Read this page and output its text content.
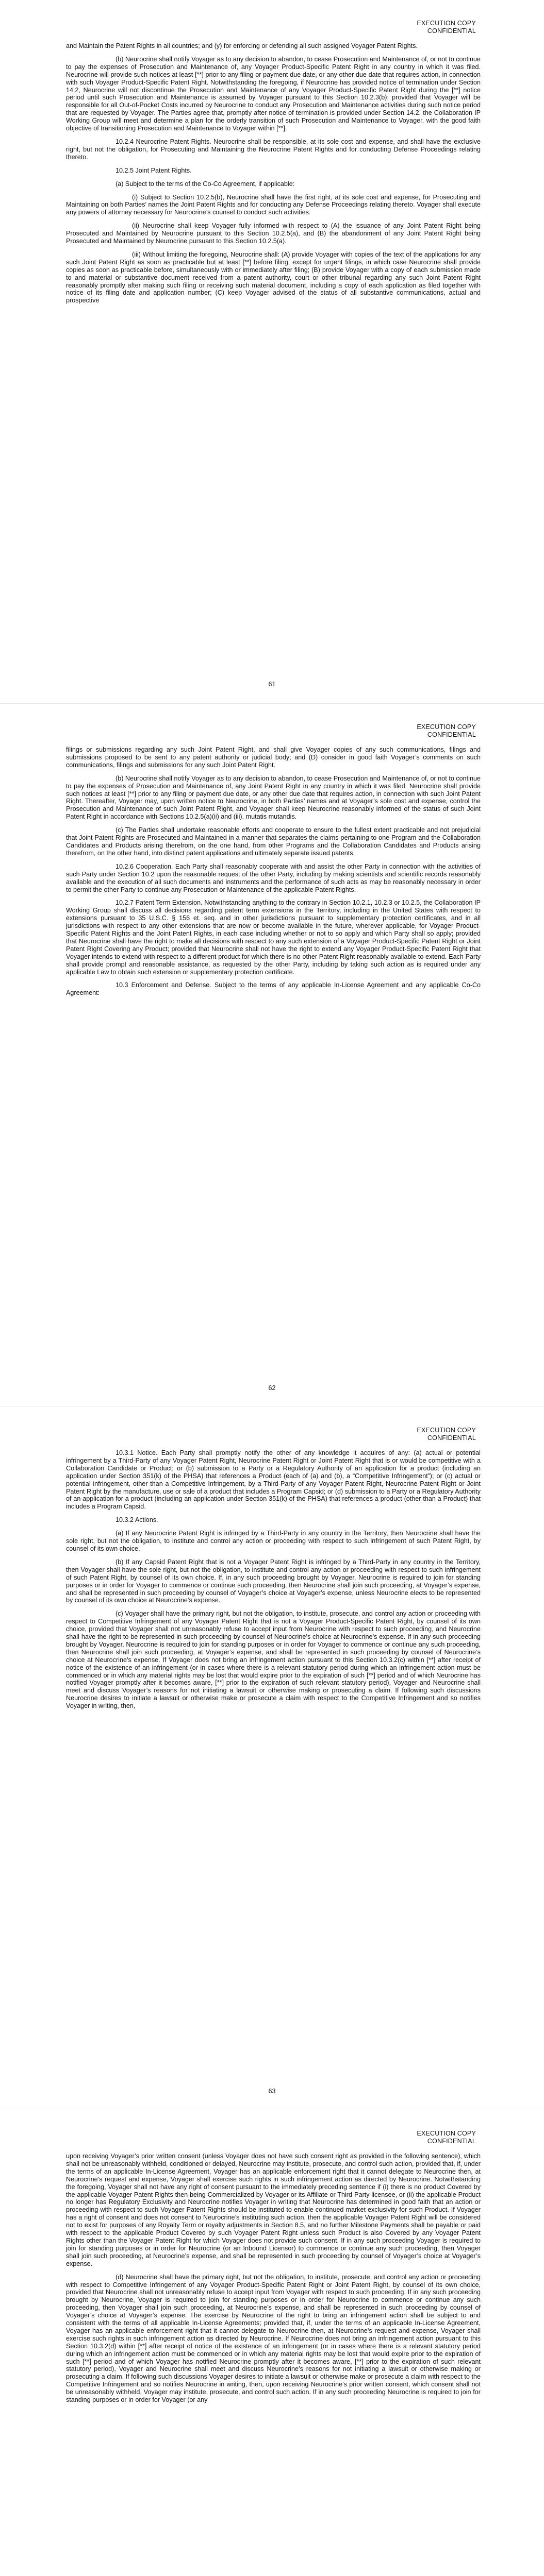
EXECUTION COPY
CONFIDENTIAL

and Maintain the Patent Rights in all countries; and (y) for enforcing or defending all such assigned Voyager Patent Rights.

(b) Neurocrine shall notify Voyager as to any decision to abandon, to cease Prosecution and Maintenance of, or not to continue to pay the expenses of Prosecution and Maintenance of, any Voyager Product-Specific Patent Right in any country in which it was filed. Neurocrine will provide such notices at least [**] prior to any filing or payment due date, or any other due date that requires action, in connection with such Voyager Product-Specific Patent Right. Notwithstanding the foregoing, if Neurocrine has provided notice of termination under Section 14.2, Neurocrine will not discontinue the Prosecution and Maintenance of any Voyager Product-Specific Patent Right during the [**] notice period until such Prosecution and Maintenance is assumed by Voyager pursuant to this Section 10.2.3(b); provided that Voyager will be responsible for all Out-of-Pocket Costs incurred by Neurocrine to conduct any Prosecution and Maintenance activities during such notice period that are requested by Voyager. The Parties agree that, promptly after notice of termination is provided under Section 14.2, the Collaboration IP Working Group will meet and determine a plan for the orderly transition of such Prosecution and Maintenance to Voyager, with the good faith objective of transitioning Prosecution and Maintenance to Voyager within [**].

10.2.4 Neurocrine Patent Rights. Neurocrine shall be responsible, at its sole cost and expense, and shall have the exclusive right, but not the obligation, for Prosecuting and Maintaining the Neurocrine Patent Rights and for conducting Defense Proceedings relating thereto.

10.2.5 Joint Patent Rights.

(a) Subject to the terms of the Co-Co Agreement, if applicable:

(i) Subject to Section 10.2.5(b), Neurocrine shall have the first right, at its sole cost and expense, for Prosecuting and Maintaining on both Parties’ names the Joint Patent Rights and for conducting any Defense Proceedings relating thereto. Voyager shall execute any powers of attorney necessary for Neurocrine’s counsel to conduct such activities.

(ii) Neurocrine shall keep Voyager fully informed with respect to (A) the issuance of any Joint Patent Right being Prosecuted and Maintained by Neurocrine pursuant to this Section 10.2.5(a), and (B) the abandonment of any Joint Patent Right being Prosecuted and Maintained by Neurocrine pursuant to this Section 10.2.5(a).

(iii) Without limiting the foregoing, Neurocrine shall: (A) provide Voyager with copies of the text of the applications for any such Joint Patent Right as soon as practicable but at least [**] before filing, except for urgent filings, in which case Neurocrine shall provide copies as soon as practicable before, simultaneously with or immediately after filing; (B) provide Voyager with a copy of each submission made to and material or substantive document received from a patent authority, court or other tribunal regarding any such Joint Patent Right reasonably promptly after making such filing or receiving such material document, including a copy of each application as filed together with notice of its filing date and application number; (C) keep Voyager advised of the status of all substantive communications, actual and prospective

61
EXECUTION COPY
CONFIDENTIAL

filings or submissions regarding any such Joint Patent Right, and shall give Voyager copies of any such communications, filings and submissions proposed to be sent to any patent authority or judicial body; and (D) consider in good faith Voyager’s comments on such communications, filings and submissions for any such Joint Patent Right.

(b) Neurocrine shall notify Voyager as to any decision to abandon, to cease Prosecution and Maintenance of, or not to continue to pay the expenses of Prosecution and Maintenance of, any Joint Patent Right in any country in which it was filed. Neurocrine shall provide such notices at least [**] prior to any filing or payment due date, or any other due date that requires action, in connection with such Joint Patent Right. Thereafter, Voyager may, upon written notice to Neurocrine, in both Parties’ names and at Voyager’s sole cost and expense, control the Prosecution and Maintenance of such Joint Patent Right, and Voyager shall keep Neurocrine reasonably informed of the status of such Joint Patent Right in accordance with Sections 10.2.5(a)(ii) and (iii), mutatis mutandis.

(c) The Parties shall undertake reasonable efforts and cooperate to ensure to the fullest extent practicable and not prejudicial that Joint Patent Rights are Prosecuted and Maintained in a manner that separates the claims pertaining to one Program and the Collaboration Candidates and Products arising therefrom, on the one hand, from other Programs and the Collaboration Candidates and Products arising therefrom, on the other hand, into distinct patent applications and ultimately separate issued patents.

10.2.6 Cooperation. Each Party shall reasonably cooperate with and assist the other Party in connection with the activities of such Party under Section 10.2 upon the reasonable request of the other Party, including by making scientists and scientific records reasonably available and the execution of all such documents and instruments and the performance of such acts as may be reasonably necessary in order to permit the other Party to continue any Prosecution or Maintenance of the applicable Patent Rights.

10.2.7 Patent Term Extension. Notwithstanding anything to the contrary in Section 10.2.1, 10.2.3 or 10.2.5, the Collaboration IP Working Group shall discuss all decisions regarding patent term extensions in the Territory, including in the United States with respect to extensions pursuant to 35 U.S.C. § 156 et. seq. and in other jurisdictions pursuant to supplementary protection certificates, and in all jurisdictions with respect to any other extensions that are now or become available in the future, wherever applicable, for Voyager Product-Specific Patent Rights and the Joint Patent Rights, in each case including whether or not to so apply and which Party shall so apply; provided that Neurocrine shall have the right to make all decisions with respect to any such extension of a Voyager Product-Specific Patent Right or Joint Patent Right Covering any Product; provided that Neurocrine shall not have the right to extend any Voyager Product-Specific Patent Right that Voyager intends to extend with respect to a different product for which there is no other Patent Right reasonably available to extend. Each Party shall provide prompt and reasonable assistance, as requested by the other Party, including by taking such action as is required under any applicable Law to obtain such extension or supplementary protection certificate.

10.3 Enforcement and Defense. Subject to the terms of any applicable In-License Agreement and any applicable Co-Co Agreement:

62
EXECUTION COPY
CONFIDENTIAL

10.3.1 Notice. Each Party shall promptly notify the other of any knowledge it acquires of any: (a) actual or potential infringement by a Third-Party of any Voyager Patent Right, Neurocrine Patent Right or Joint Patent Right that is or would be competitive with a Collaboration Candidate or Product; or (b) submission to a Party or a Regulatory Authority of an application for a product (including an application under Section 351(k) of the PHSA) that references a Product (each of (a) and (b), a “Competitive Infringement”); or (c) actual or potential infringement, other than a Competitive Infringement, by a Third-Party of any Voyager Patent Right, Neurocrine Patent Right or Joint Patent Right by the manufacture, use or sale of a product that includes a Program Capsid; or (d) submission to a Party or a Regulatory Authority of an application for a product (including an application under Section 351(k) of the PHSA) that references a product (other than a Product) that includes a Program Capsid.

10.3.2 Actions.

(a) If any Neurocrine Patent Right is infringed by a Third-Party in any country in the Territory, then Neurocrine shall have the sole right, but not the obligation, to institute and control any action or proceeding with respect to such infringement of such Patent Right, by counsel of its own choice.

(b) If any Capsid Patent Right that is not a Voyager Patent Right is infringed by a Third-Party in any country in the Territory, then Voyager shall have the sole right, but not the obligation, to institute and control any action or proceeding with respect to such infringement of such Patent Right, by counsel of its own choice. If, in any such proceeding brought by Voyager, Neurocrine is required to join for standing purposes or in order for Voyager to commence or continue such proceeding, then Neurocrine shall join such proceeding, at Voyager’s expense, and shall be represented in such proceeding by counsel of Voyager’s choice at Voyager’s expense, unless Neurocrine elects to be represented by counsel of its own choice at Neurocrine’s expense.

(c) Voyager shall have the primary right, but not the obligation, to institute, prosecute, and control any action or proceeding with respect to Competitive Infringement of any Voyager Patent Right that is not a Voyager Product-Specific Patent Right, by counsel of its own choice, provided that Voyager shall not unreasonably refuse to accept input from Neurocrine with respect to such proceeding, and Neurocrine shall have the right to be represented in such proceeding by counsel of Neurocrine’s choice at Neurocrine’s expense. If in any such proceeding brought by Voyager, Neurocrine is required to join for standing purposes or in order for Voyager to commence or continue any such proceeding, then Neurocrine shall join such proceeding, at Voyager’s expense, and shall be represented in such proceeding by counsel of Neurocrine’s choice at Neurocrine’s expense. If Voyager does not bring an infringement action pursuant to this Section 10.3.2(c) within [**] after receipt of notice of the existence of an infringement (or in cases where there is a relevant statutory period during which an infringement action must be commenced or in which any material rights may be lost that would expire prior to the expiration of such [**] period and of which Neurocrine has notified Voyager promptly after it becomes aware, [**] prior to the expiration of such relevant statutory period), Voyager and Neurocrine shall meet and discuss Voyager’s reasons for not initiating a lawsuit or otherwise making or prosecuting a claim. If following such discussions Neurocrine desires to initiate a lawsuit or otherwise make or prosecute a claim with respect to the Competitive Infringement and so notifies Voyager in writing, then,

63
EXECUTION COPY
CONFIDENTIAL

upon receiving Voyager’s prior written consent (unless Voyager does not have such consent right as provided in the following sentence), which shall not be unreasonably withheld, conditioned or delayed, Neurocrine may institute, prosecute, and control such action, provided that, if, under the terms of an applicable In-License Agreement, Voyager has an applicable enforcement right that it cannot delegate to Neurocrine then, at Neurocrine’s request and expense, Voyager shall exercise such rights in such infringement action as directed by Neurocrine. Notwithstanding the foregoing, Voyager shall not have any right of consent pursuant to the immediately preceding sentence if (i) there is no product Covered by the applicable Voyager Patent Rights then being Commercialized by Voyager or its Affiliate or Third-Party licensee, or (ii) the applicable Product no longer has Regulatory Exclusivity and Neurocrine notifies Voyager in writing that Neurocrine has determined in good faith that an action or proceeding with respect to such Voyager Patent Rights should be instituted to enable continued market exclusivity for such Product. If Voyager has a right of consent and does not consent to Neurocrine’s instituting such action, then the applicable Voyager Patent Right will be considered not to exist for purposes of any Royalty Term or royalty adjustments in Section 8.5, and no further Milestone Payments shall be payable or paid with respect to the applicable Product Covered by such Voyager Patent Right unless such Product is also Covered by any Voyager Patent Rights other than the Voyager Patent Right for which Voyager does not provide such consent. If in any such proceeding Voyager is required to join for standing purposes or in order for Neurocrine (or an Inbound Licensor) to commence or continue any such proceeding, then Voyager shall join such proceeding, at Neurocrine’s expense, and shall be represented in such proceeding by counsel of Voyager’s choice at Voyager’s expense.

(d) Neurocrine shall have the primary right, but not the obligation, to institute, prosecute, and control any action or proceeding with respect to Competitive Infringement of any Voyager Product-Specific Patent Right or Joint Patent Right, by counsel of its own choice, provided that Neurocrine shall not unreasonably refuse to accept input from Voyager with respect to such proceeding. If in any such proceeding brought by Neurocrine, Voyager is required to join for standing purposes or in order for Neurocrine to commence or continue any such proceeding, then Voyager shall join such proceeding, at Neurocrine’s expense, and shall be represented in such proceeding by counsel of Voyager’s choice at Voyager’s expense. The exercise by Neurocrine of the right to bring an infringement action shall be subject to and consistent with the terms of all applicable In-License Agreements; provided that, if, under the terms of an applicable In-License Agreement, Voyager has an applicable enforcement right that it cannot delegate to Neurocrine then, at Neurocrine’s request and expense, Voyager shall exercise such rights in such infringement action as directed by Neurocrine. If Neurocrine does not bring an infringement action pursuant to this Section 10.3.2(d) within [**] after receipt of notice of the existence of an infringement (or in cases where there is a relevant statutory period during which an infringement action must be commenced or in which any material rights may be lost that would expire prior to the expiration of such [**] period and of which Voyager has notified Neurocrine promptly after it becomes aware, [**] prior to the expiration of such relevant statutory period), Voyager and Neurocrine shall meet and discuss Neurocrine’s reasons for not initiating a lawsuit or otherwise making or prosecuting a claim. If following such discussions Voyager desires to initiate a lawsuit or otherwise make or prosecute a claim with respect to the Competitive Infringement and so notifies Neurocrine in writing, then, upon receiving Neurocrine’s prior written consent, which consent shall not be unreasonably withheld, Voyager may institute, prosecute, and control such action. If in any such proceeding Neurocrine is required to join for standing purposes or in order for Voyager (or any
